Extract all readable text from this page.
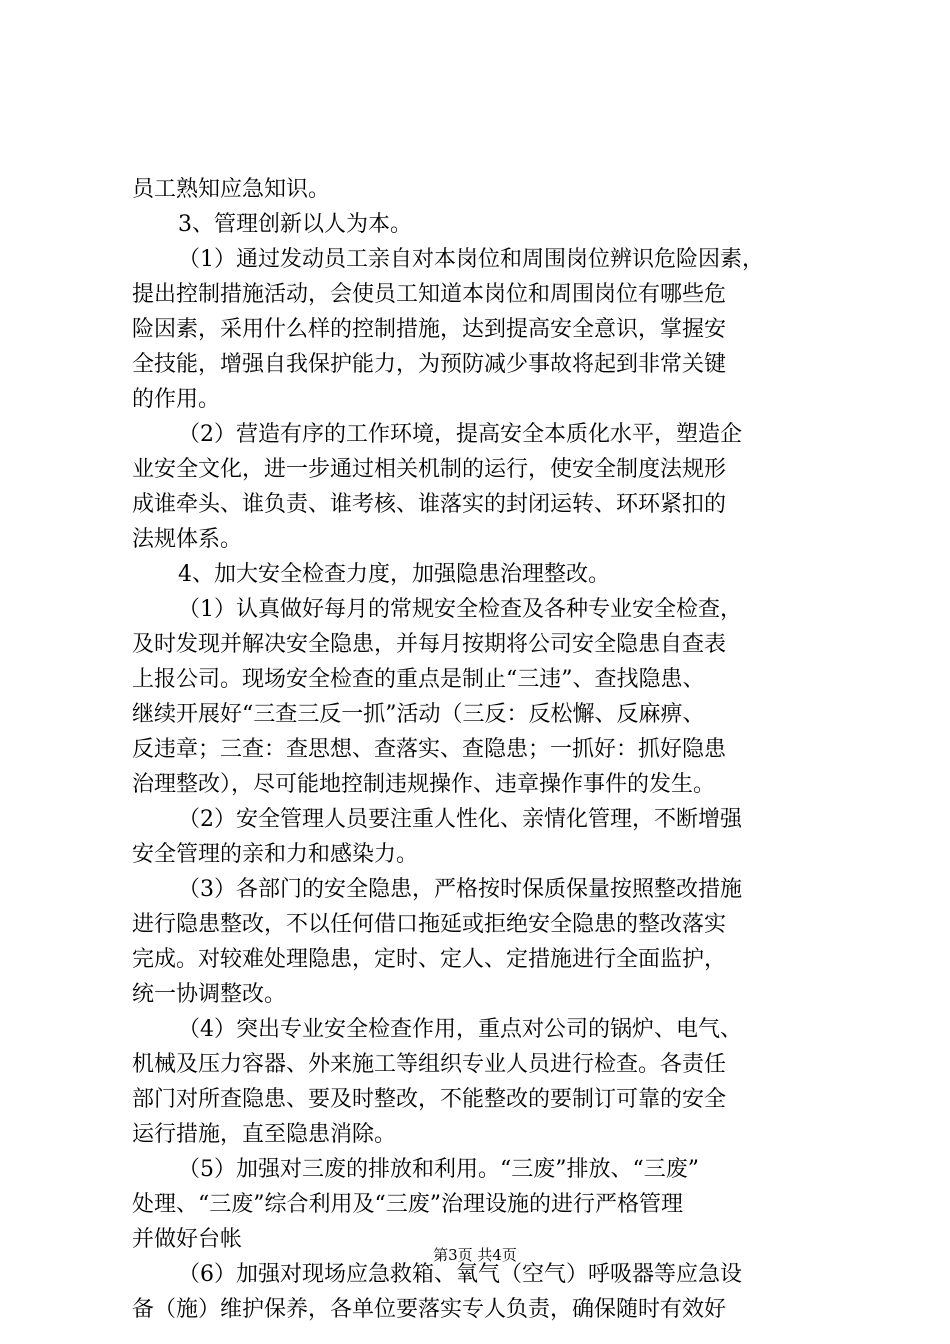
员工熟知应急知识。
3、管理创新以人为本。
（1）通过发动员工亲自对本岗位和周围岗位辨识危险因素，
提出控制措施活动，会使员工知道本岗位和周围岗位有哪些危
险因素，采用什么样的控制措施，达到提高安全意识，掌握安
全技能，增强自我保护能力，为预防减少事故将起到非常关键
的作用。
（2）营造有序的工作环境，提高安全本质化水平，塑造企
业安全文化，进一步通过相关机制的运行，使安全制度法规形
成谁牵头、谁负责、谁考核、谁落实的封闭运转、环环紧扣的
法规体系。
4、加大安全检查力度，加强隐患治理整改。
（1）认真做好每月的常规安全检查及各种专业安全检查，
及时发现并解决安全隐患，并每月按期将公司安全隐患自查表
上报公司。现场安全检查的重点是制止“三违”、查找隐患、
继续开展好“三查三反一抓”活动（三反：反松懈、反麻痹、
反违章；三查：查思想、查落实、查隐患；一抓好：抓好隐患
治理整改），尽可能地控制违规操作、违章操作事件的发生。
（2）安全管理人员要注重人性化、亲情化管理，不断增强
安全管理的亲和力和感染力。
（3）各部门的安全隐患，严格按时保质保量按照整改措施
进行隐患整改，不以任何借口拖延或拒绝安全隐患的整改落实
完成。对较难处理隐患，定时、定人、定措施进行全面监护，
统一协调整改。
（4）突出专业安全检查作用，重点对公司的锅炉、电气、
机械及压力容器、外来施工等组织专业人员进行检查。各责任
部门对所查隐患、要及时整改，不能整改的要制订可靠的安全
运行措施，直至隐患消除。
（5）加强对三废的排放和利用。“三废”排放、“三废”
处理、“三废”综合利用及“三废”治理设施的进行严格管理
并做好台帐
（6）加强对现场应急救箱、氧气（空气）呼吸器等应急设
备（施）维护保养，各单位要落实专人负责，确保随时有效好
第3页 共4页
